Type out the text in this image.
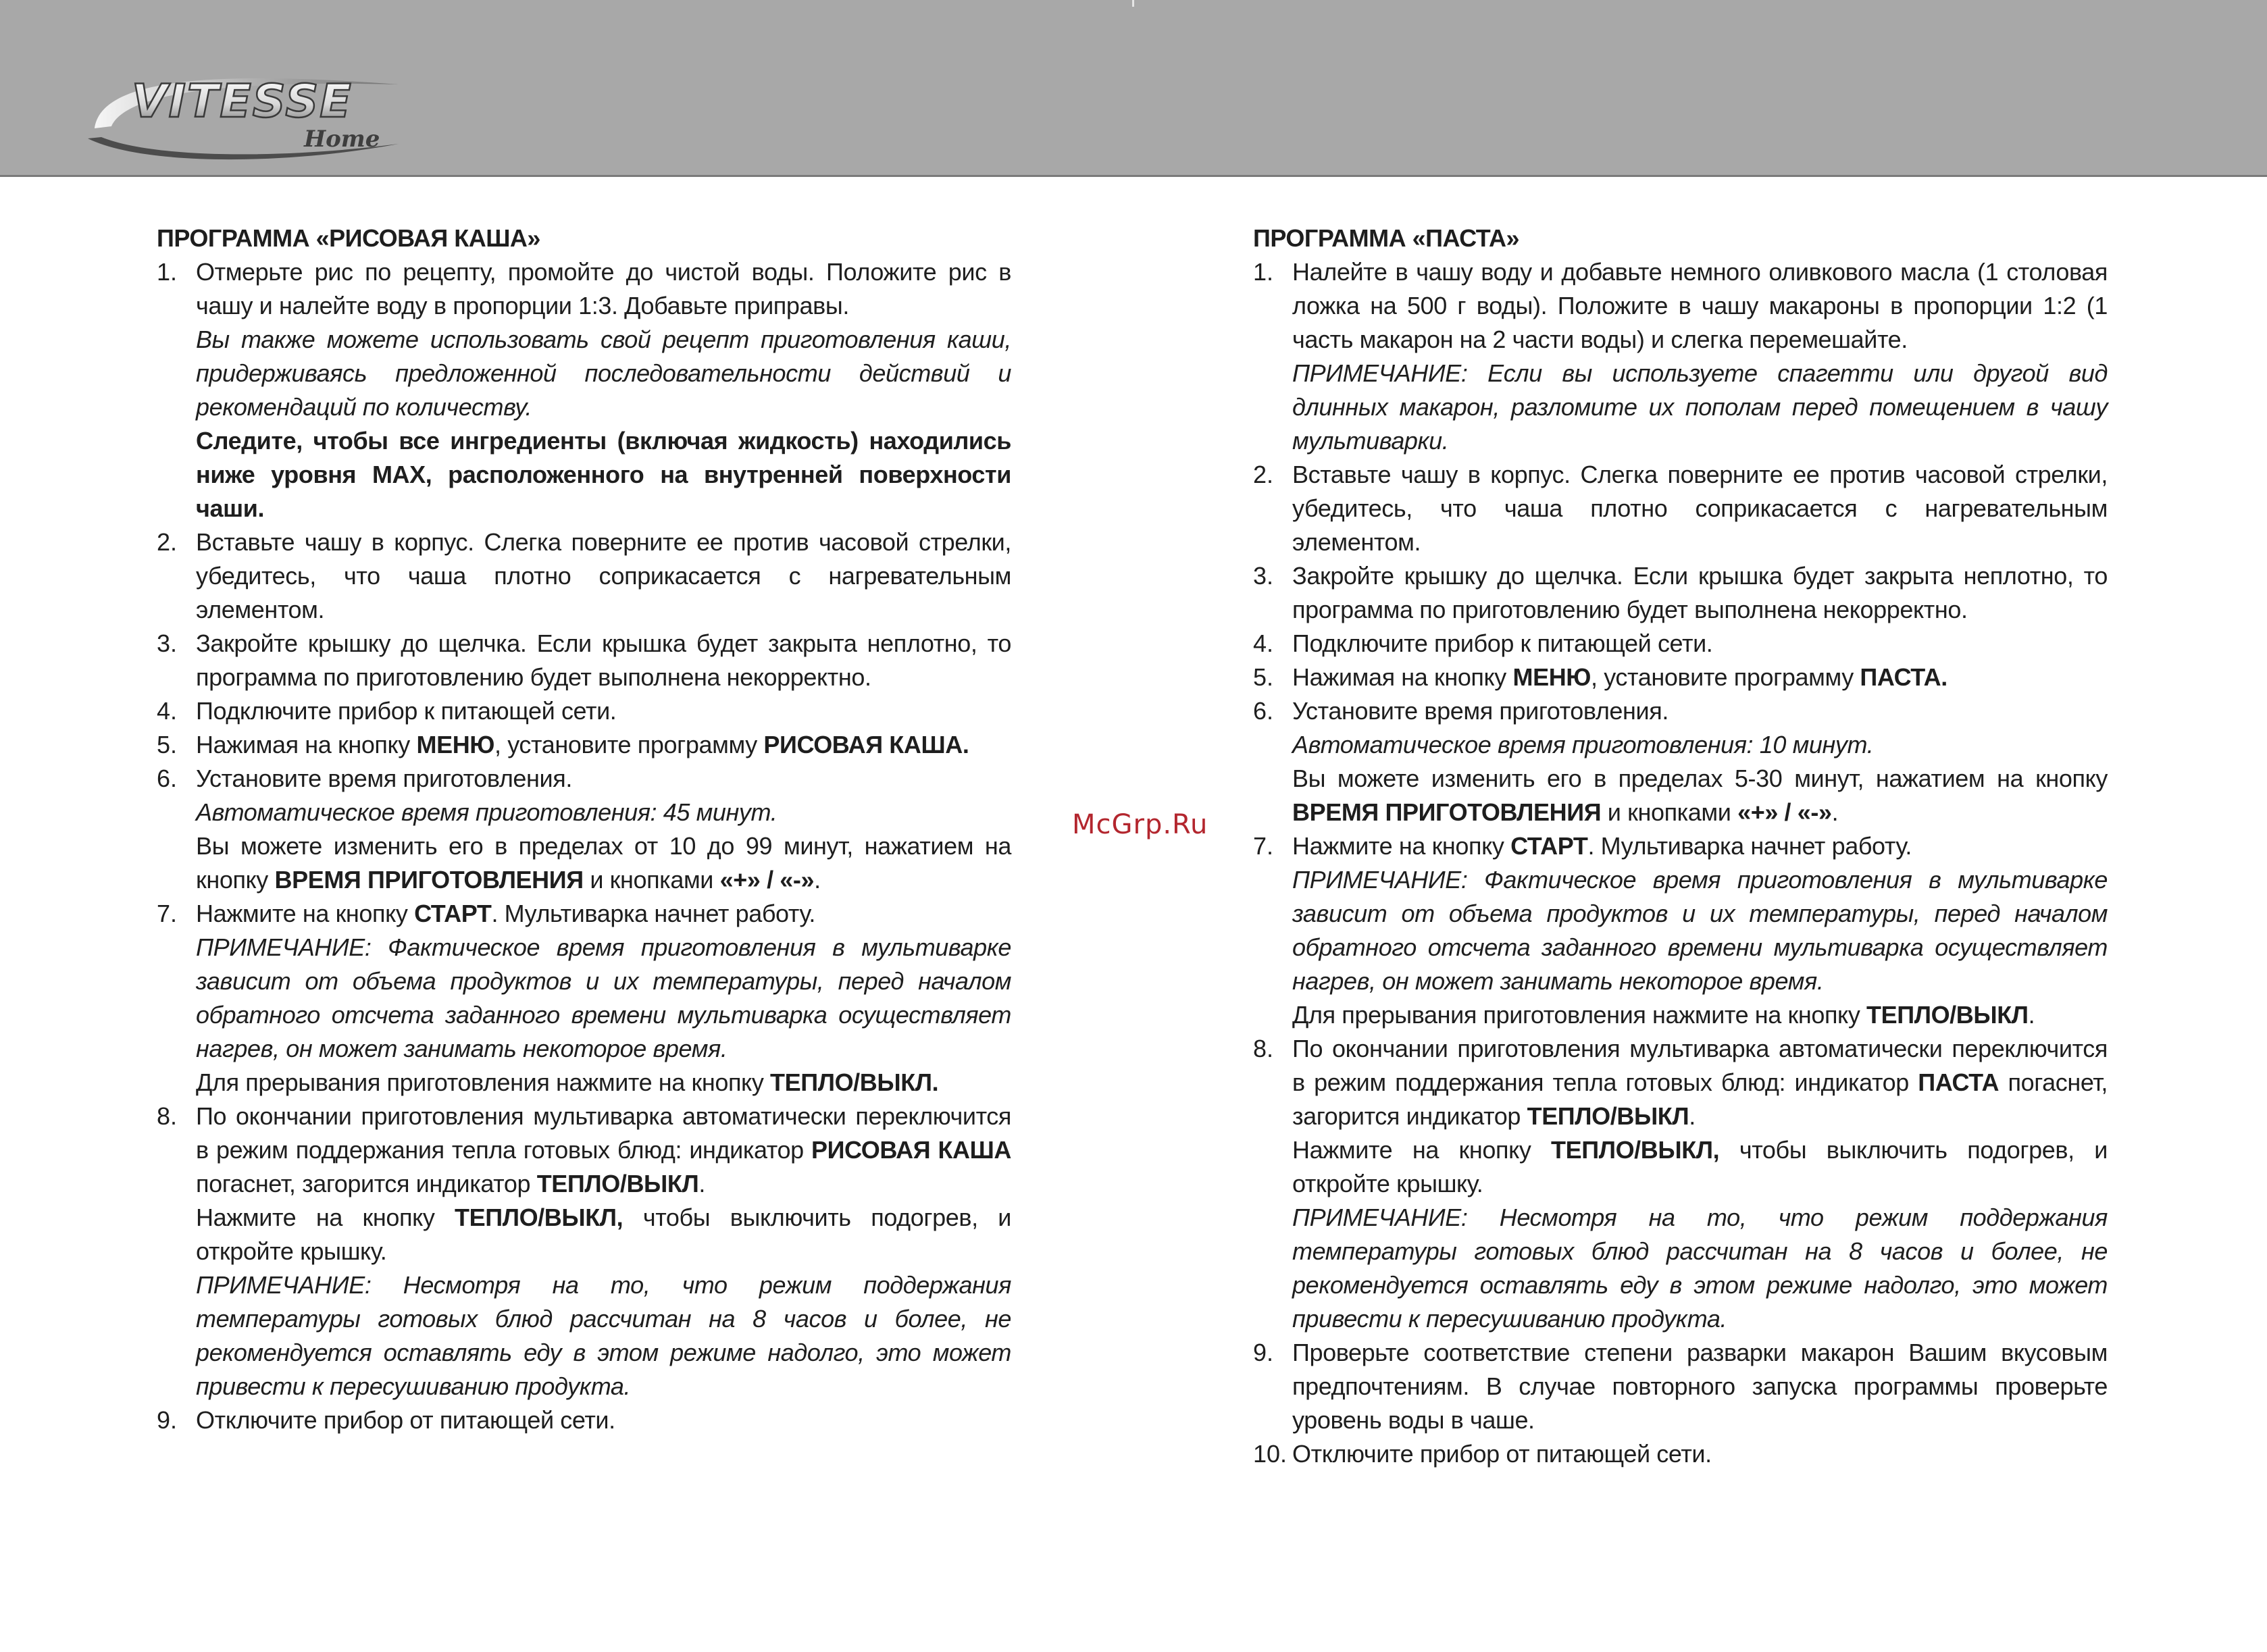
VITESSE
Home
ПРОГРАММА «РИСОВАЯ КАША»
1. Отмерьте рис по рецепту, промойте до чистой воды. Положите рис в чашу и налейте воду в пропорции 1:3. Добавьте приправы.

Вы также можете использовать свой рецепт приготовления каши, придерживаясь предложенной последовательности действий и рекомендаций по количеству.

Следите, чтобы все ингредиенты (включая жидкость) находились ниже уровня МАХ, расположенного на внутренней поверхности чаши.

2. Вставьте чашу в корпус. Слегка поверните ее против часовой стрелки, убедитесь, что чаша плотно соприкасается с нагревательным элементом.

3. Закройте крышку до щелчка. Если крышка будет закрыта неплотно, то программа по приготовлению будет выполнена некорректно.

4. Подключите прибор к питающей сети.

5. Нажимая на кнопку МЕНЮ, установите программу РИСОВАЯ КАША.

6. Установите время приготовления.

Автоматическое время приготовления: 45 минут.

Вы можете изменить его в пределах от 10 до 99 минут, нажатием на кнопку ВРЕМЯ ПРИГОТОВЛЕНИЯ и кнопками «+» / «-».

7. Нажмите на кнопку СТАРТ. Мультиварка начнет работу.

ПРИМЕЧАНИЕ: Фактическое время приготовления в мультиварке зависит от объема продуктов и их температуры, перед началом обратного отсчета заданного времени мультиварка осуществляет нагрев, он может занимать некоторое время.

Для прерывания приготовления нажмите на кнопку ТЕПЛО/ВЫКЛ.

8. По окончании приготовления мультиварка автоматически переключится в режим поддержания тепла готовых блюд: индикатор РИСОВАЯ КАША погаснет, загорится индикатор ТЕПЛО/ВЫКЛ.

Нажмите на кнопку ТЕПЛО/ВЫКЛ, чтобы выключить подогрев, и откройте крышку.

ПРИМЕЧАНИЕ: Несмотря на то, что режим поддержания температуры готовых блюд рассчитан на 8 часов и более, не рекомендуется оставлять еду в этом режиме надолго, это может привести к пересушиванию продукта.

9. Отключите прибор от питающей сети.

ПРОГРАММА «ПАСТА»
1. Налейте в чашу воду и добавьте немного оливкового масла (1 столовая ложка на 500 г воды). Положите в чашу макароны в пропорции 1:2 (1 часть макарон на 2 части воды) и слегка перемешайте.

ПРИМЕЧАНИЕ: Если вы используете спагетти или другой вид длинных макарон, разломите их пополам перед помещением в чашу мультиварки.

2. Вставьте чашу в корпус. Слегка поверните ее против часовой стрелки, убедитесь, что чаша плотно соприкасается с нагревательным элементом.

3. Закройте крышку до щелчка. Если крышка будет закрыта неплотно, то программа по приготовлению будет выполнена некорректно.

4. Подключите прибор к питающей сети.

5. Нажимая на кнопку МЕНЮ, установите программу ПАСТА.

6. Установите время приготовления.

Автоматическое время приготовления: 10 минут.

Вы можете изменить его в пределах 5-30 минут, нажатием на кнопку ВРЕМЯ ПРИГОТОВЛЕНИЯ и кнопками «+» / «-».

7. Нажмите на кнопку СТАРТ. Мультиварка начнет работу.

ПРИМЕЧАНИЕ: Фактическое время приготовления в мультиварке зависит от объема продуктов и их температуры, перед началом обратного отсчета заданного времени мультиварка осуществляет нагрев, он может занимать некоторое время.

Для прерывания приготовления нажмите на кнопку ТЕПЛО/ВЫКЛ.

8. По окончании приготовления мультиварка автоматически переключится в режим поддержания тепла готовых блюд: индикатор ПАСТА погаснет, загорится индикатор ТЕПЛО/ВЫКЛ.

Нажмите на кнопку ТЕПЛО/ВЫКЛ, чтобы выключить подогрев, и откройте крышку.

ПРИМЕЧАНИЕ: Несмотря на то, что режим поддержания температуры готовых блюд рассчитан на 8 часов и более, не рекомендуется оставлять еду в этом режиме надолго, это может привести к пересушиванию продукта.

9. Проверьте соответствие степени разварки макарон Вашим вкусовым предпочтениям. В случае повторного запуска программы проверьте уровень воды в чаше.

10. Отключите прибор от питающей сети.

McGrp.Ru
